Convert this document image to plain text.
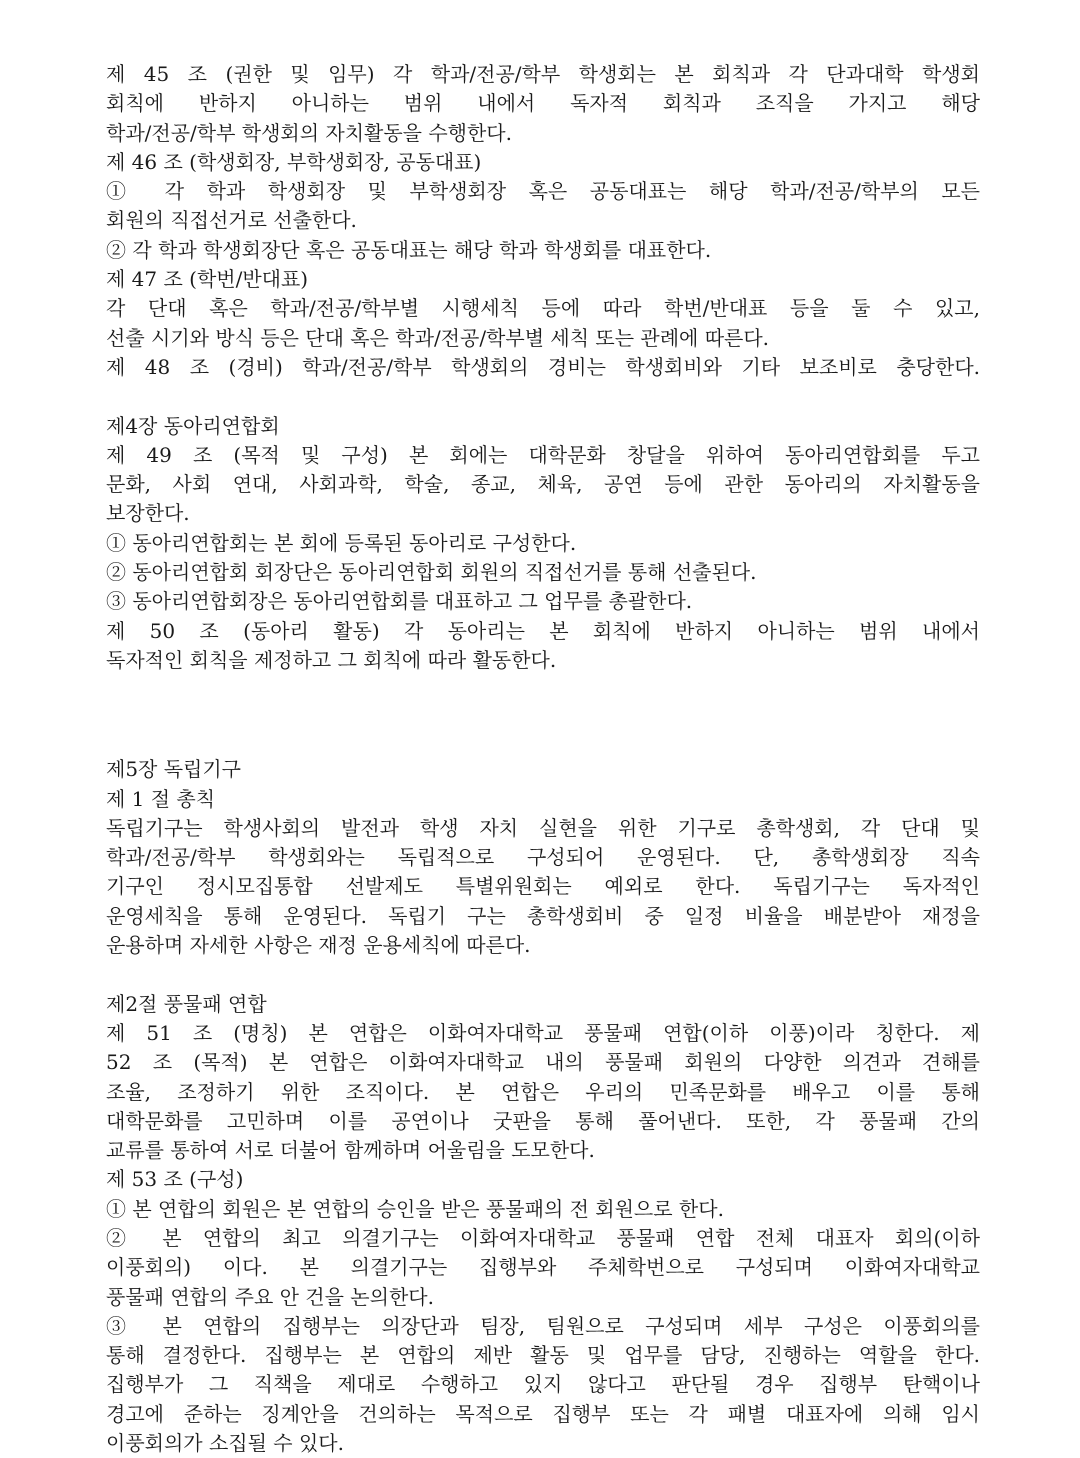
제 45 조 (권한 및 임무) 각 학과/전공/학부 학생회는 본 회칙과 각 단과대학 학생회
회칙에 반하지 아니하는 범위 내에서 독자적 회칙과 조직을 가지고 해당
학과/전공/학부 학생회의 자치활동을 수행한다.
제 46 조 (학생회장, 부학생회장, 공동대표)
① 각 학과 학생회장 및 부학생회장 혹은 공동대표는 해당 학과/전공/학부의 모든
회원의 직접선거로 선출한다.
② 각 학과 학생회장단 혹은 공동대표는 해당 학과 학생회를 대표한다.
제 47 조 (학번/반대표)
각 단대 혹은 학과/전공/학부별 시행세칙 등에 따라 학번/반대표 등을 둘 수 있고,
선출 시기와 방식 등은 단대 혹은 학과/전공/학부별 세칙 또는 관례에 따른다.
제 48 조 (경비) 학과/전공/학부 학생회의 경비는 학생회비와 기타 보조비로 충당한다.
제4장 동아리연합회
제 49 조 (목적 및 구성) 본 회에는 대학문화 창달을 위하여 동아리연합회를 두고
문화, 사회 연대, 사회과학, 학술, 종교, 체육, 공연 등에 관한 동아리의 자치활동을
보장한다.
① 동아리연합회는 본 회에 등록된 동아리로 구성한다.
② 동아리연합회 회장단은 동아리연합회 회원의 직접선거를 통해 선출된다.
③ 동아리연합회장은 동아리연합회를 대표하고 그 업무를 총괄한다.
제 50 조 (동아리 활동) 각 동아리는 본 회칙에 반하지 아니하는 범위 내에서
독자적인 회칙을 제정하고 그 회칙에 따라 활동한다.
제5장 독립기구
제 1 절 총칙
독립기구는 학생사회의 발전과 학생 자치 실현을 위한 기구로 총학생회, 각 단대 및
학과/전공/학부 학생회와는 독립적으로 구성되어 운영된다. 단, 총학생회장 직속
기구인 정시모집통합 선발제도 특별위원회는 예외로 한다. 독립기구는 독자적인
운영세칙을 통해 운영된다. 독립기 구는 총학생회비 중 일정 비율을 배분받아 재정을
운용하며 자세한 사항은 재정 운용세칙에 따른다.
제2절 풍물패 연합
제 51 조 (명칭) 본 연합은 이화여자대학교 풍물패 연합(이하 이풍)이라 칭한다. 제
52 조 (목적) 본 연합은 이화여자대학교 내의 풍물패 회원의 다양한 의견과 견해를
조율, 조정하기 위한 조직이다. 본 연합은 우리의 민족문화를 배우고 이를 통해
대학문화를 고민하며 이를 공연이나 굿판을 통해 풀어낸다. 또한, 각 풍물패 간의
교류를 통하여 서로 더불어 함께하며 어울림을 도모한다.
제 53 조 (구성)
① 본 연합의 회원은 본 연합의 승인을 받은 풍물패의 전 회원으로 한다.
② 본 연합의 최고 의결기구는 이화여자대학교 풍물패 연합 전체 대표자 회의(이하
이풍회의) 이다. 본 의결기구는 집행부와 주체학번으로 구성되며 이화여자대학교
풍물패 연합의 주요 안 건을 논의한다.
③ 본 연합의 집행부는 의장단과 팀장, 팀원으로 구성되며 세부 구성은 이풍회의를
통해 결정한다. 집행부는 본 연합의 제반 활동 및 업무를 담당, 진행하는 역할을 한다.
집행부가 그 직책을 제대로 수행하고 있지 않다고 판단될 경우 집행부 탄핵이나
경고에 준하는 징계안을 건의하는 목적으로 집행부 또는 각 패별 대표자에 의해 임시
이풍회의가 소집될 수 있다.
